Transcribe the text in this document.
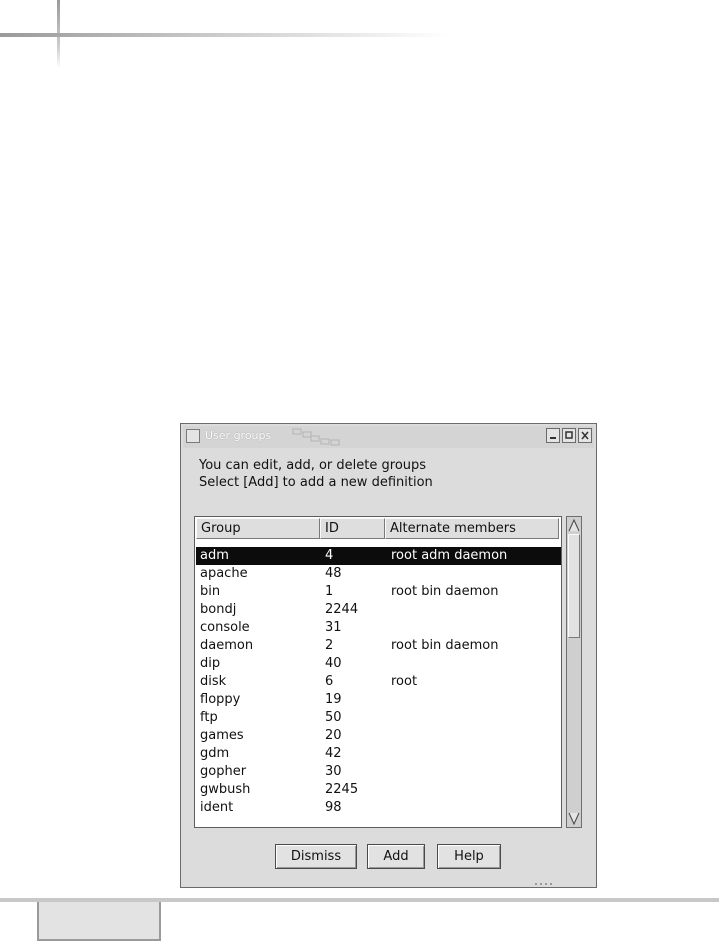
User groups
You can edit, add, or delete groups
Select [Add] to add a new definition
Group	ID	Alternate members
adm	4	root adm daemon
apache	48
bin	1	root bin daemon
bondj	2244
console	31
daemon	2	root bin daemon
dip	40
disk	6	root
floppy	19
ftp	50
games	20
gdm	42
gopher	30
gwbush	2245
ident	98
Dismiss	Add	Help
